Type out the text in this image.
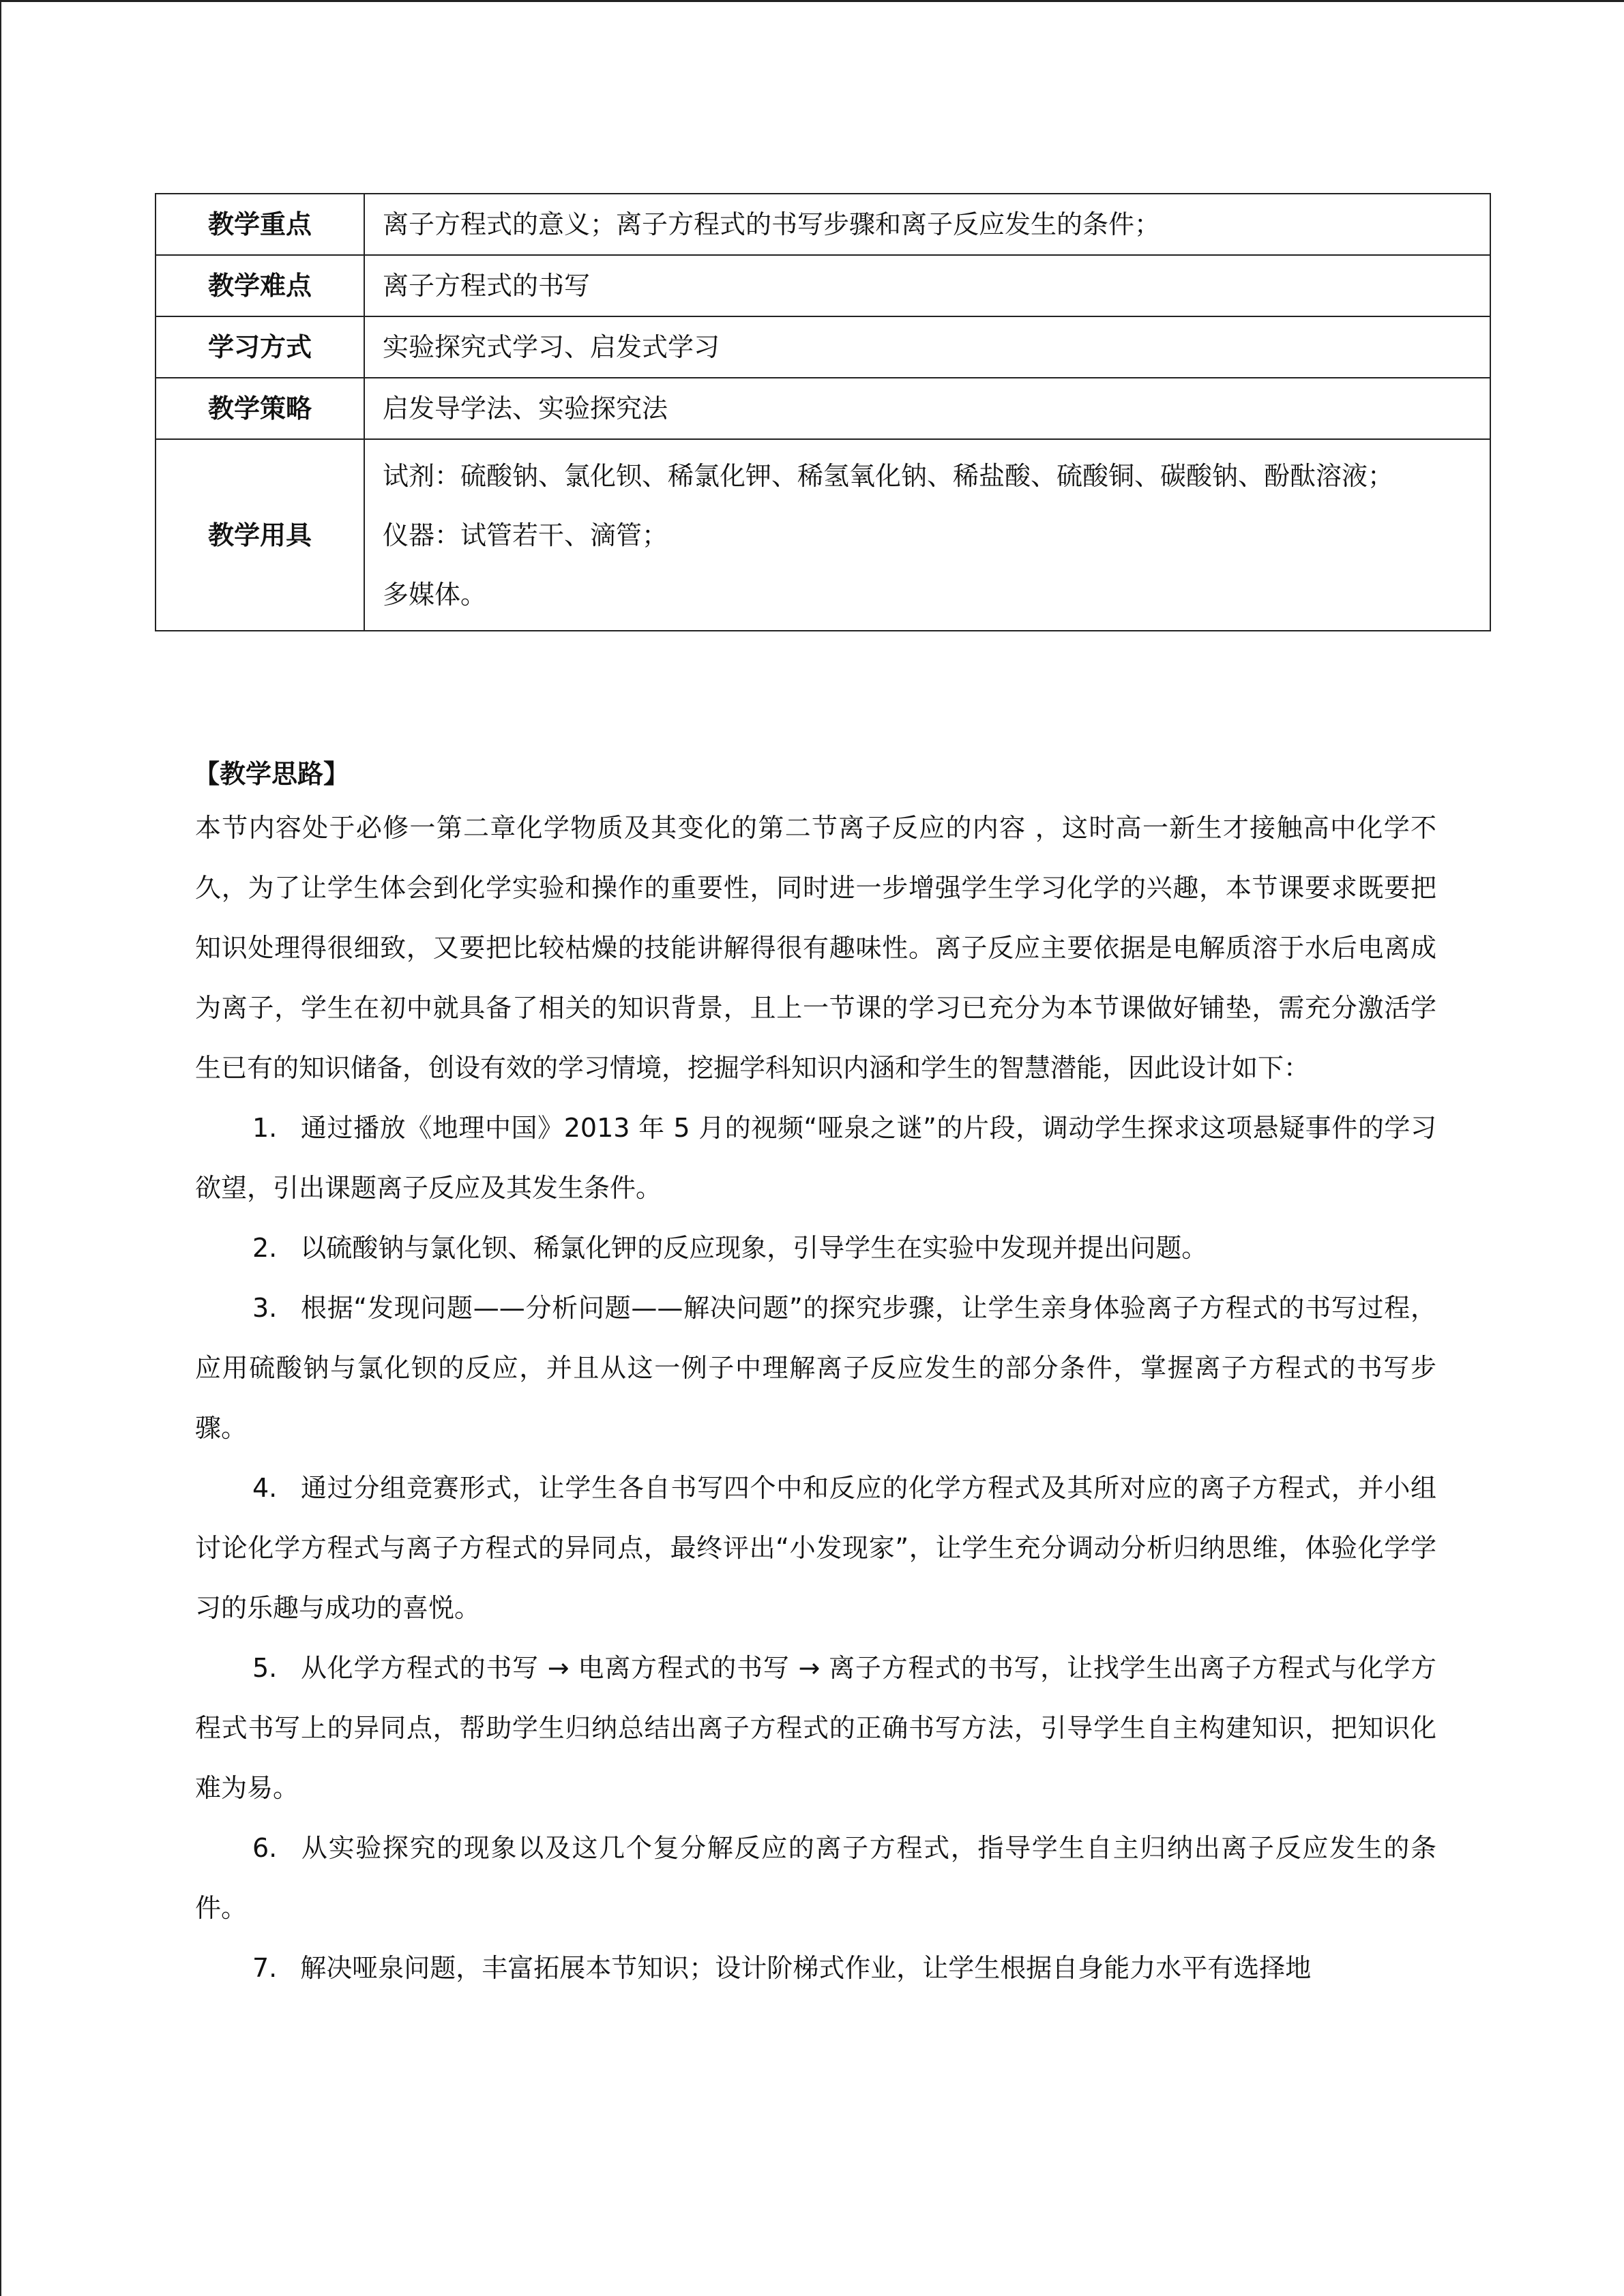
教学重点	离子方程式的意义；离子方程式的书写步骤和离子反应发生的条件；
教学难点	离子方程式的书写
学习方式	实验探究式学习、启发式学习
教学策略	启发导学法、实验探究法
教学用具	试剂：硫酸钠、氯化钡、稀氯化钾、稀氢氧化钠、稀盐酸、硫酸铜、碳酸钠、酚酞溶液；
仪器：试管若干、滴管；
多媒体。
【教学思路】

本节内容处于必修一第二章化学物质及其变化的第二节离子反应的内容 ，这时高一新生才接触高中化学不久，为了让学生体会到化学实验和操作的重要性，同时进一步增强学生学习化学的兴趣，本节课要求既要把知识处理得很细致，又要把比较枯燥的技能讲解得很有趣味性。离子反应主要依据是电解质溶于水后电离成为离子，学生在初中就具备了相关的知识背景，且上一节课的学习已充分为本节课做好铺垫，需充分激活学生已有的知识储备，创设有效的学习情境，挖掘学科知识内涵和学生的智慧潜能，因此设计如下：

1. 通过播放《地理中国》2013 年 5 月的视频“哑泉之谜”的片段，调动学生探求这项悬疑事件的学习欲望，引出课题离子反应及其发生条件。
2. 以硫酸钠与氯化钡、稀氯化钾的反应现象，引导学生在实验中发现并提出问题。
3. 根据“发现问题——分析问题——解决问题”的探究步骤，让学生亲身体验离子方程式的书写过程，应用硫酸钠与氯化钡的反应，并且从这一例子中理解离子反应发生的部分条件，掌握离子方程式的书写步骤。
4. 通过分组竞赛形式，让学生各自书写四个中和反应的化学方程式及其所对应的离子方程式，并小组讨论化学方程式与离子方程式的异同点，最终评出“小发现家”，让学生充分调动分析归纳思维，体验化学学习的乐趣与成功的喜悦。
5. 从化学方程式的书写 → 电离方程式的书写 → 离子方程式的书写，让找学生出离子方程式与化学方程式书写上的异同点，帮助学生归纳总结出离子方程式的正确书写方法，引导学生自主构建知识，把知识化难为易。
6. 从实验探究的现象以及这几个复分解反应的离子方程式，指导学生自主归纳出离子反应发生的条件。
7. 解决哑泉问题，丰富拓展本节知识；设计阶梯式作业，让学生根据自身能力水平有选择地
